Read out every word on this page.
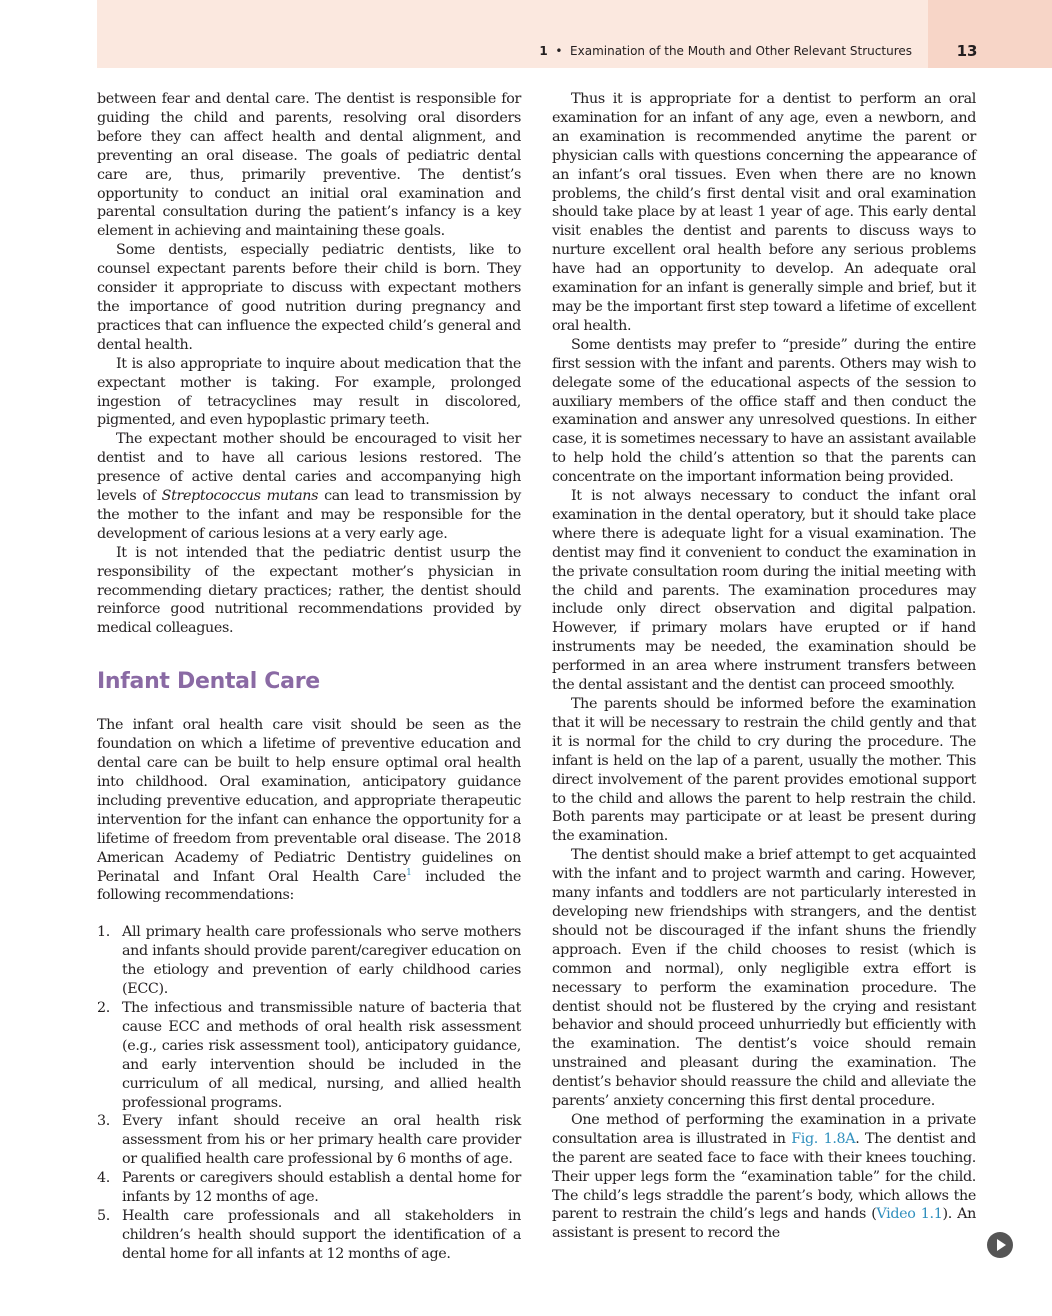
1 • Examination of the Mouth and Other Relevant Structures	13

between fear and dental care. The dentist is responsible for guiding the child and parents, resolving oral disorders before they can affect health and dental alignment, and preventing an oral disease. The goals of pediatric dental care are, thus, primarily preventive. The dentist’s opportunity to conduct an initial oral examination and parental consultation during the patient’s infancy is a key element in achieving and maintaining these goals.

Some dentists, especially pediatric dentists, like to counsel expectant parents before their child is born. They consider it appropriate to discuss with expectant mothers the importance of good nutrition during pregnancy and practices that can influence the expected child’s general and dental health.

It is also appropriate to inquire about medication that the expectant mother is taking. For example, prolonged ingestion of tetracyclines may result in discolored, pigmented, and even hypoplastic primary teeth.

The expectant mother should be encouraged to visit her dentist and to have all carious lesions restored. The presence of active dental caries and accompanying high levels of Streptococcus mutans can lead to transmission by the mother to the infant and may be responsible for the development of carious lesions at a very early age.

It is not intended that the pediatric dentist usurp the responsibility of the expectant mother’s physician in recommending dietary practices; rather, the dentist should reinforce good nutritional recommendations provided by medical colleagues.

Infant Dental Care

The infant oral health care visit should be seen as the foundation on which a lifetime of preventive education and dental care can be built to help ensure optimal oral health into childhood. Oral examination, anticipatory guidance including preventive education, and appropriate therapeutic intervention for the infant can enhance the opportunity for a lifetime of freedom from preventable oral disease. The 2018 American Academy of Pediatric Dentistry guidelines on Perinatal and Infant Oral Health Care$^1$ included the following recommendations:

1. All primary health care professionals who serve mothers and infants should provide parent/caregiver education on the etiology and prevention of early childhood caries (ECC).
2. The infectious and transmissible nature of bacteria that cause ECC and methods of oral health risk assessment (e.g., caries risk assessment tool), anticipatory guidance, and early intervention should be included in the curriculum of all medical, nursing, and allied health professional programs.
3. Every infant should receive an oral health risk assessment from his or her primary health care provider or qualified health care professional by 6 months of age.
4. Parents or caregivers should establish a dental home for infants by 12 months of age.
5. Health care professionals and all stakeholders in children’s health should support the identification of a dental home for all infants at 12 months of age.

Thus it is appropriate for a dentist to perform an oral examination for an infant of any age, even a newborn, and an examination is recommended anytime the parent or physician calls with questions concerning the appearance of an infant’s oral tissues. Even when there are no known problems, the child’s first dental visit and oral examination should take place by at least 1 year of age. This early dental visit enables the dentist and parents to discuss ways to nurture excellent oral health before any serious problems have had an opportunity to develop. An adequate oral examination for an infant is generally simple and brief, but it may be the important first step toward a lifetime of excellent oral health.

Some dentists may prefer to “preside” during the entire first session with the infant and parents. Others may wish to delegate some of the educational aspects of the session to auxiliary members of the office staff and then conduct the examination and answer any unresolved questions. In either case, it is sometimes necessary to have an assistant available to help hold the child’s attention so that the parents can concentrate on the important information being provided.

It is not always necessary to conduct the infant oral examination in the dental operatory, but it should take place where there is adequate light for a visual examination. The dentist may find it convenient to conduct the examination in the private consultation room during the initial meeting with the child and parents. The examination procedures may include only direct observation and digital palpation. However, if primary molars have erupted or if hand instruments may be needed, the examination should be performed in an area where instrument transfers between the dental assistant and the dentist can proceed smoothly.

The parents should be informed before the examination that it will be necessary to restrain the child gently and that it is normal for the child to cry during the procedure. The infant is held on the lap of a parent, usually the mother. This direct involvement of the parent provides emotional support to the child and allows the parent to help restrain the child. Both parents may participate or at least be present during the examination.

The dentist should make a brief attempt to get acquainted with the infant and to project warmth and caring. However, many infants and toddlers are not particularly interested in developing new friendships with strangers, and the dentist should not be discouraged if the infant shuns the friendly approach. Even if the child chooses to resist (which is common and normal), only negligible extra effort is necessary to perform the examination procedure. The dentist should not be flustered by the crying and resistant behavior and should proceed unhurriedly but efficiently with the examination. The dentist’s voice should remain unstrained and pleasant during the examination. The dentist’s behavior should reassure the child and alleviate the parents’ anxiety concerning this first dental procedure.

One method of performing the examination in a private consultation area is illustrated in Fig. 1.8A. The dentist and the parent are seated face to face with their knees touching. Their upper legs form the “examination table” for the child. The child’s legs straddle the parent’s body, which allows the parent to restrain the child’s legs and hands (Video 1.1). An assistant is present to record the
